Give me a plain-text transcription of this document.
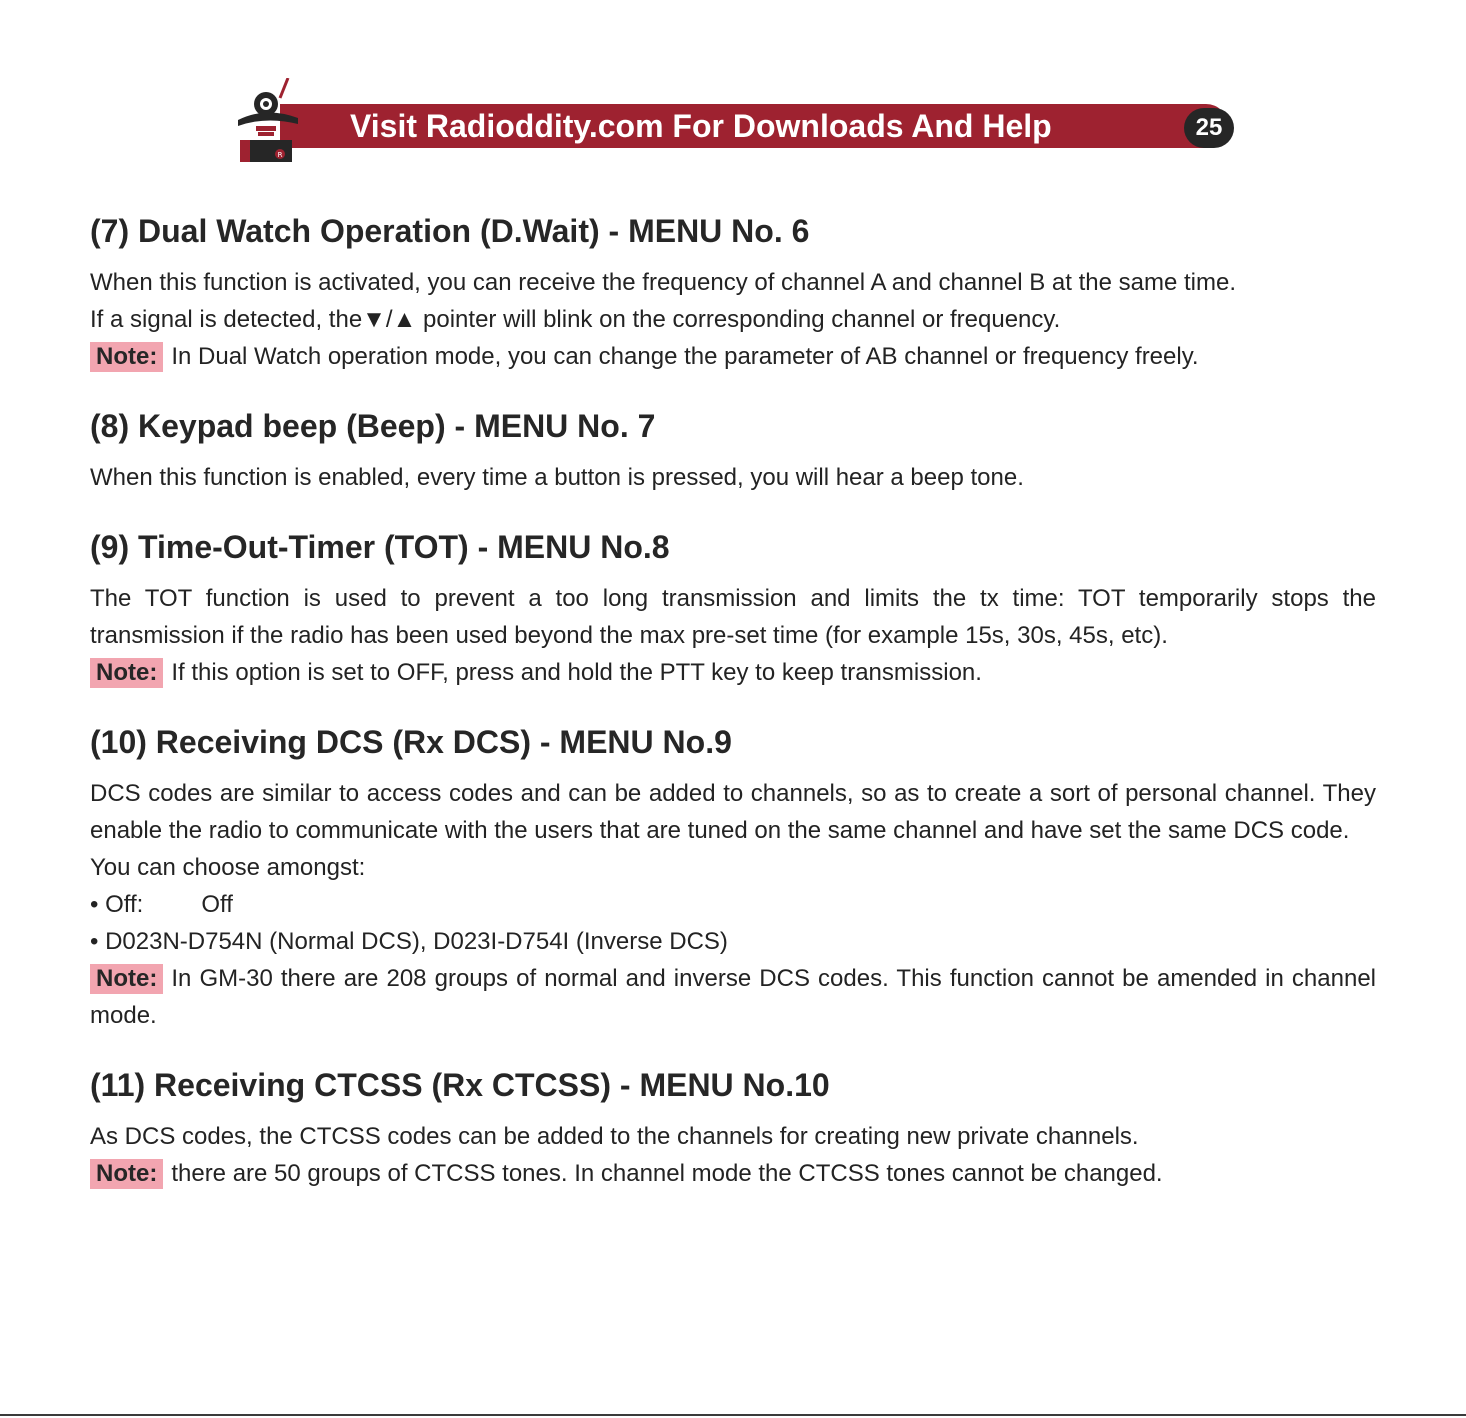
R
Visit Radioddity.com For Downloads And Help	25
(7) Dual Watch Operation (D.Wait) - MENU No. 6

When this function is activated, you can receive the frequency of channel A and channel B at the same time.

If a signal is detected, the▼/▲ pointer will blink on the corresponding channel or frequency.

Note: In Dual Watch operation mode, you can change the parameter of AB channel or frequency freely.

(8) Keypad beep (Beep) - MENU No. 7

When this function is enabled, every time a button is pressed, you will hear a beep tone.

(9) Time-Out-Timer (TOT) - MENU No.8

The TOT function is used to prevent a too long transmission and limits the tx time: TOT temporarily stops the transmission if the radio has been used beyond the max pre-set time (for example 15s, 30s, 45s, etc).

Note: If this option is set to OFF, press and hold the PTT key to keep transmission.

(10) Receiving DCS (Rx DCS) - MENU No.9

DCS codes are similar to access codes and can be added to channels, so as to create a sort of personal channel. They enable the radio to communicate with the users that are tuned on the same channel and have set the same DCS code.

You can choose amongst:

• Off: Off

• D023N-D754N (Normal DCS), D023I-D754I (Inverse DCS)

Note: In GM-30 there are 208 groups of normal and inverse DCS codes. This function cannot be amended in channel mode.

(11) Receiving CTCSS (Rx CTCSS) - MENU No.10

As DCS codes, the CTCSS codes can be added to the channels for creating new private channels.

Note: there are 50 groups of CTCSS tones. In channel mode the CTCSS tones cannot be changed.
